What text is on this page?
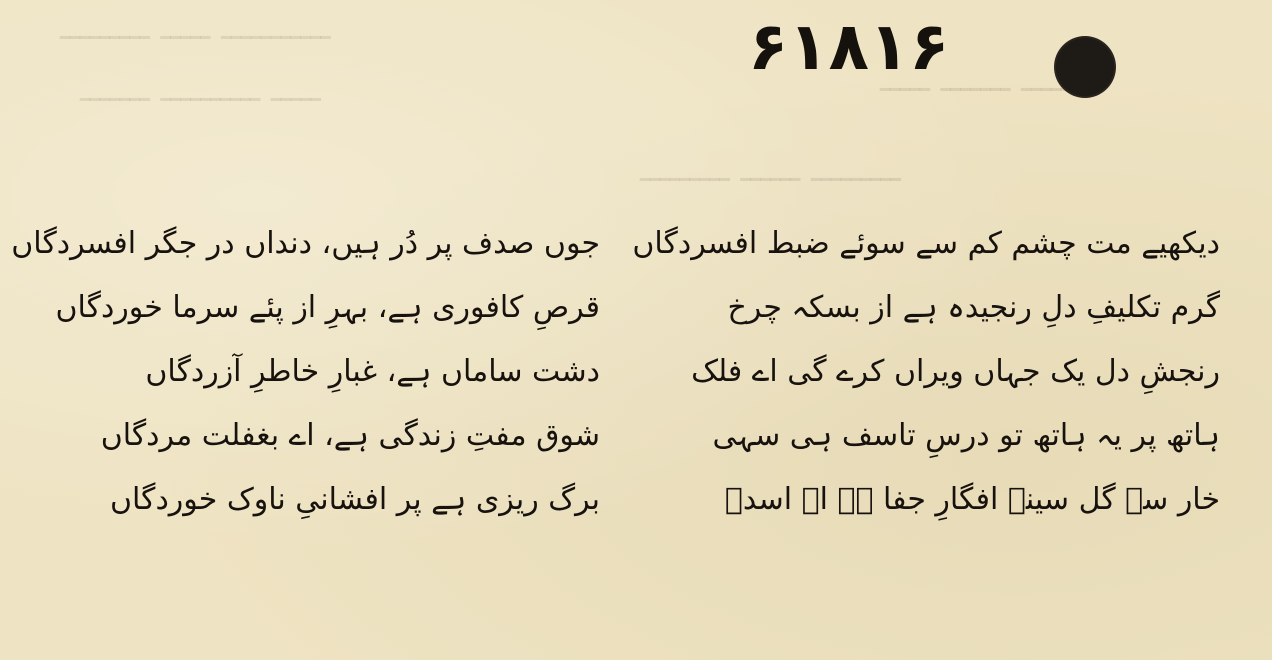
۶۱۸۱۶
دیکھیے مت چشم کم سے سوئے ضبط افسردگاں
گرم تکلیفِ دلِ رنجیدہ ہے از بسکہ چرخ
رنجشِ دل یک جہاں ویراں کرے گی اے فلک
ہاتھ پر یہ ہاتھ تو درسِ تاسف ہی سہی
خار سے گل سینہ افگارِ جفا ہے اے اسدؔ
جوں صدف پر دُر ہیں، دنداں در جگر افسردگاں
قرصِ کافوری ہے، بہرِ از پئے سرما خوردگاں
دشت ساماں ہے، غبارِ خاطرِ آزردگاں
شوق مفتِ زندگی ہے، اے بغفلت مردگاں
برگ ریزی ہے پر افشانیِ ناوک خوردگاں
